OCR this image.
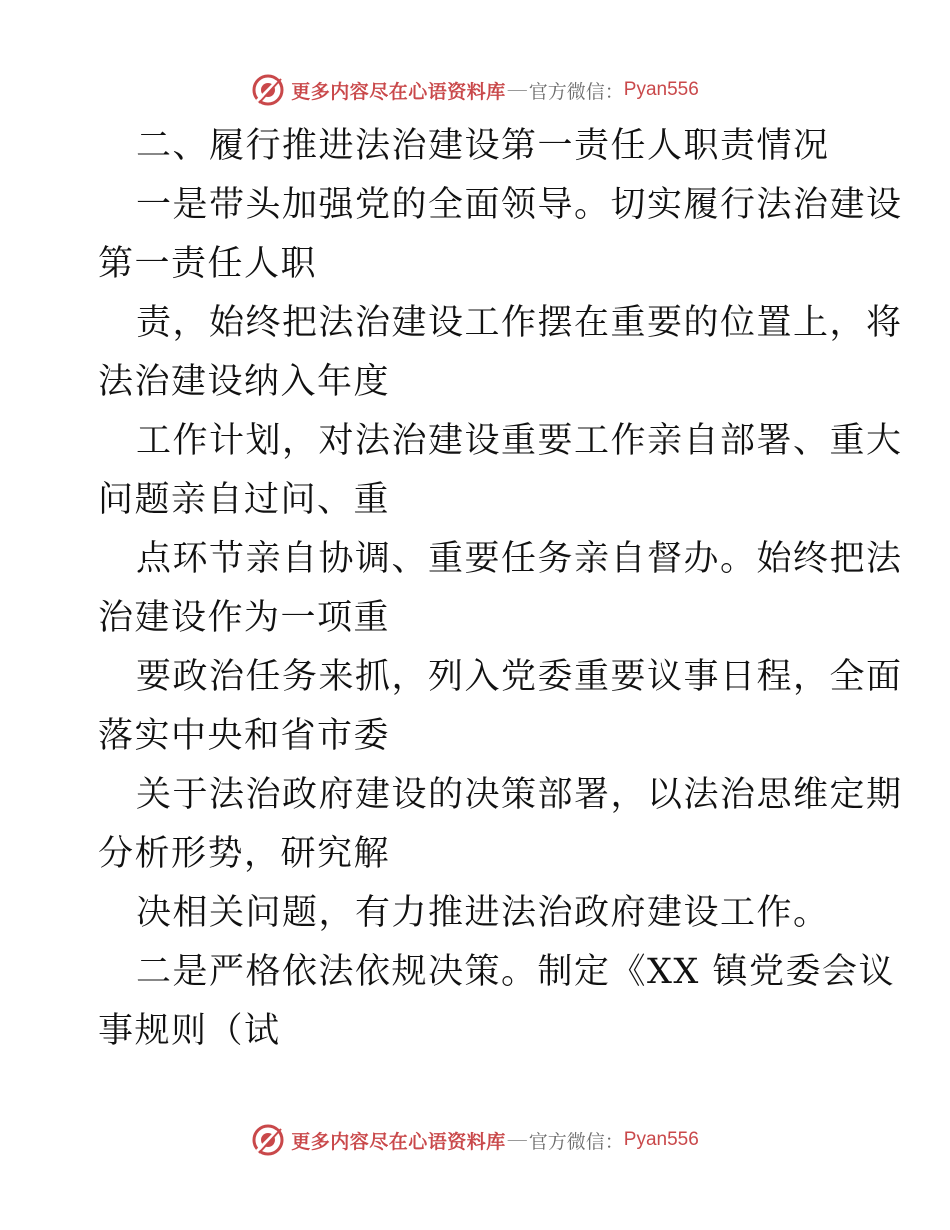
更多内容尽在心语资料库 — 官方微信 ： Pyan556
二、履行推进法治建设第一责任人职责情况
一是带头加强党的全面领导。切实履行法治建设
第一责任人职
责，始终把法治建设工作摆在重要的位置上，将
法治建设纳入年度
工作计划，对法治建设重要工作亲自部署、重大
问题亲自过问、重
点环节亲自协调、重要任务亲自督办。始终把法
治建设作为一项重
要政治任务来抓，列入党委重要议事日程，全面
落实中央和省市委
关于法治政府建设的决策部署，以法治思维定期
分析形势，研究解
决相关问题，有力推进法治政府建设工作。
二是严格依法依规决策。制定《XX 镇党委会议
事规则（试
更多内容尽在心语资料库 — 官方微信 ： Pyan556
